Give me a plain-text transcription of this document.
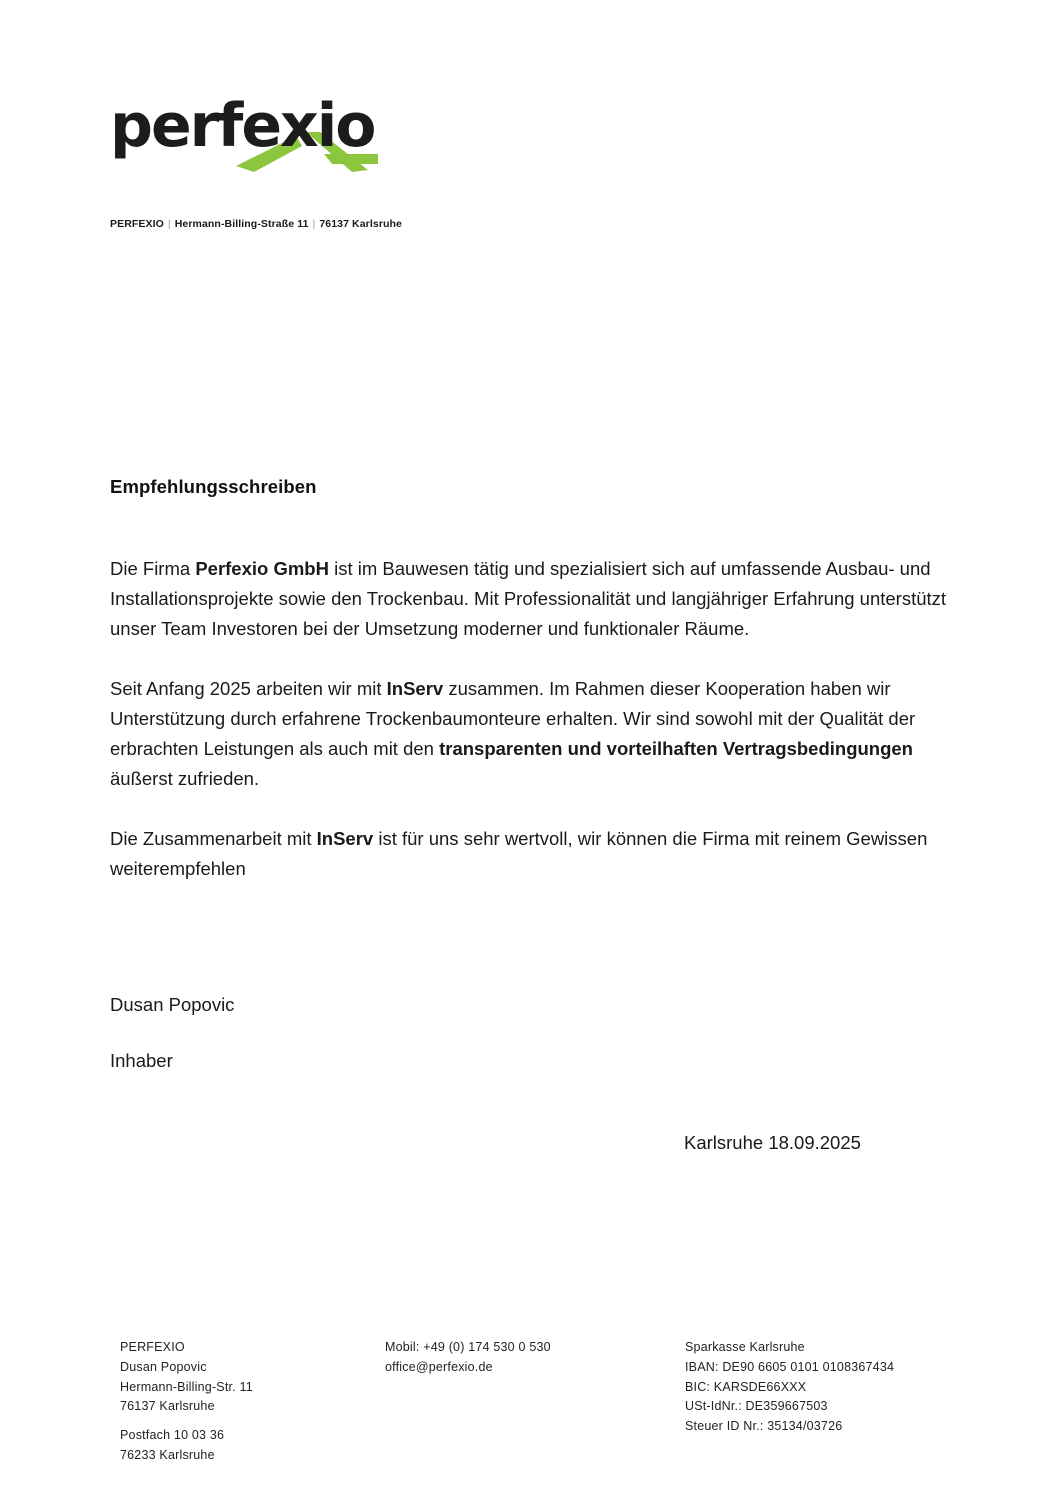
perfexio
PERFEXIO | Hermann-Billing-Straße 11 | 76137 Karlsruhe
Empfehlungsschreiben

Die Firma Perfexio GmbH ist im Bauwesen tätig und spezialisiert sich auf umfassende Ausbau- und Installationsprojekte sowie den Trockenbau. Mit Professionalität und langjähriger Erfahrung unterstützt unser Team Investoren bei der Umsetzung moderner und funktionaler Räume.

Seit Anfang 2025 arbeiten wir mit InServ zusammen. Im Rahmen dieser Kooperation haben wir Unterstützung durch erfahrene Trockenbaumonteure erhalten. Wir sind sowohl mit der Qualität der erbrachten Leistungen als auch mit den transparenten und vorteilhaften Vertragsbedingungen äußerst zufrieden.

Die Zusammenarbeit mit InServ ist für uns sehr wertvoll, wir können die Firma mit reinem Gewissen weiterempfehlen

Dusan Popovic

Inhaber

Karlsruhe 18.09.2025
PERFEXIO
Dusan Popovic
Hermann-Billing-Str. 11
76137 Karlsruhe
Postfach 10 03 36
76233 Karlsruhe
Mobil: +49 (0) 174 530 0 530
office@perfexio.de
Sparkasse Karlsruhe
IBAN: DE90 6605 0101 0108367434
BIC: KARSDE66XXX
USt-IdNr.: DE359667503
Steuer ID Nr.: 35134/03726
